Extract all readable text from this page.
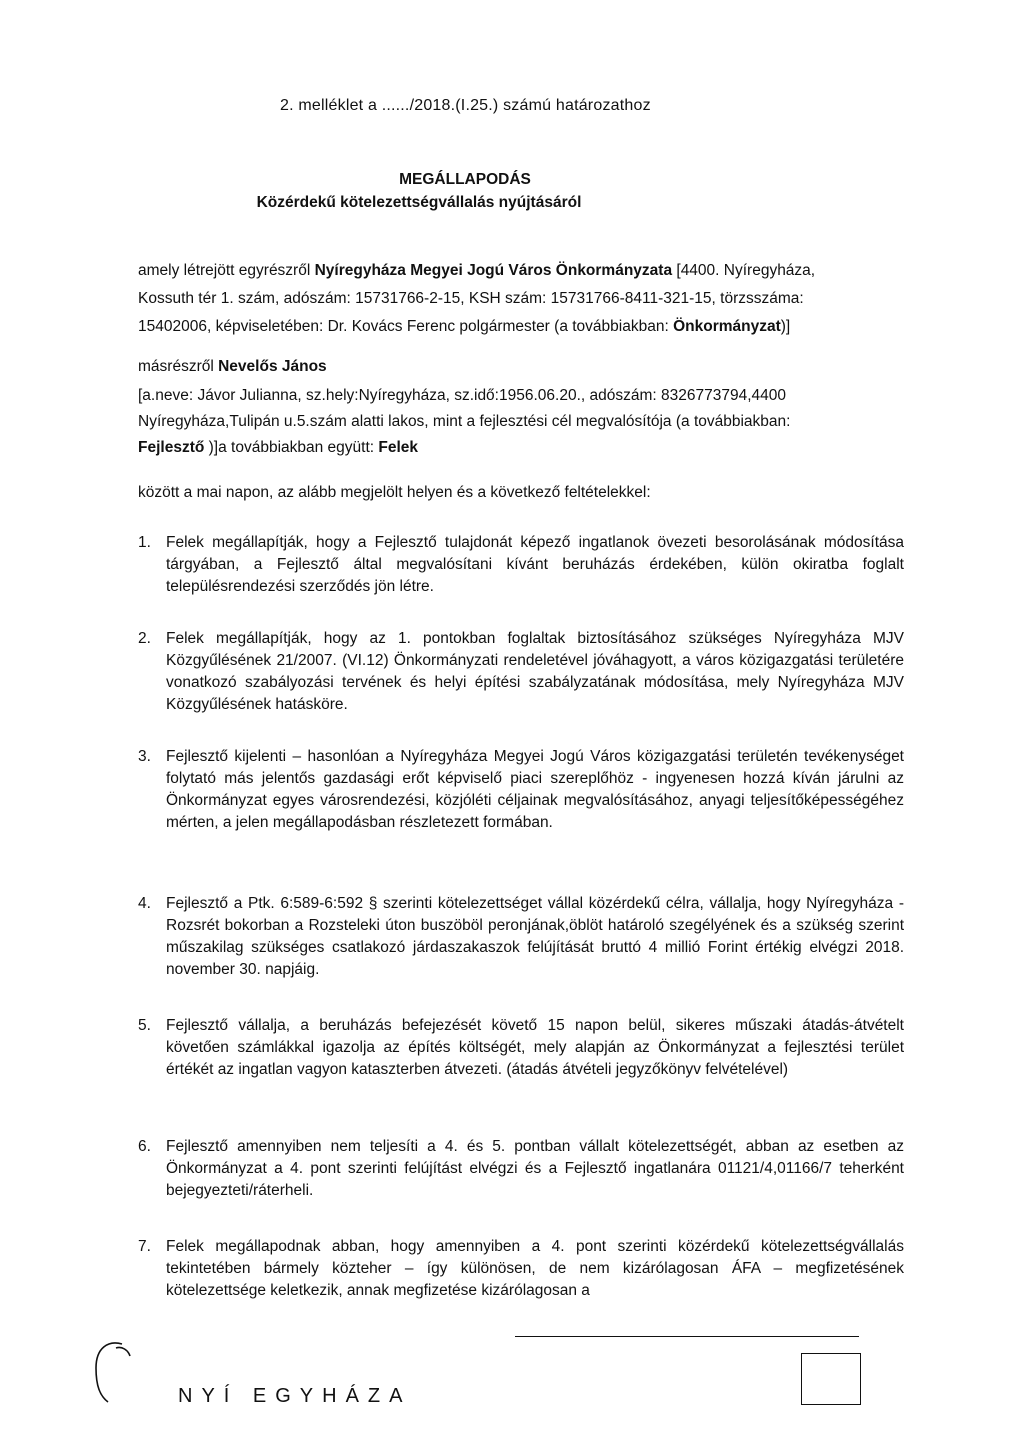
2. melléklet a ....../2018.(I.25.) számú határozathoz

MEGÁLLAPODÁS

Közérdekű kötelezettségvállalás nyújtásáról

amely létrejött egyrészről Nyíregyháza Megyei Jogú Város Önkormányzata [4400. Nyíregyháza,

Kossuth tér 1. szám, adószám: 15731766-2-15, KSH szám: 15731766-8411-321-15, törzsszáma:

15402006, képviseletében: Dr. Kovács Ferenc polgármester (a továbbiakban: Önkormányzat)]

másrészről Nevelős János

[a.neve: Jávor Julianna, sz.hely:Nyíregyháza, sz.idő:1956.06.20., adószám: 8326773794,4400

Nyíregyháza,Tulipán u.5.szám alatti lakos, mint a fejlesztési cél megvalósítója (a továbbiakban:

Fejlesztő )]a továbbiakban együtt: Felek

között a mai napon, az alább megjelölt helyen és a következő feltételekkel:

1. Felek megállapítják, hogy a Fejlesztő tulajdonát képező ingatlanok övezeti besorolásának módosítása tárgyában, a Fejlesztő által megvalósítani kívánt beruházás érdekében, külön okiratba foglalt településrendezési szerződés jön létre.

2. Felek megállapítják, hogy az 1. pontokban foglaltak biztosításához szükséges Nyíregyháza MJV Közgyűlésének 21/2007. (VI.12) Önkormányzati rendeletével jóváhagyott, a város közigazgatási területére vonatkozó szabályozási tervének és helyi építési szabályzatának módosítása, mely Nyíregyháza MJV Közgyűlésének hatásköre.

3. Fejlesztő kijelenti – hasonlóan a Nyíregyháza Megyei Jogú Város közigazgatási területén tevékenységet folytató más jelentős gazdasági erőt képviselő piaci szereplőhöz - ingyenesen hozzá kíván járulni az Önkormányzat egyes városrendezési, közjóléti céljainak megvalósításához, anyagi teljesítőképességéhez mérten, a jelen megállapodásban részletezett formában.

4. Fejlesztő a Ptk. 6:589-6:592 § szerinti kötelezettséget vállal közérdekű célra, vállalja, hogy Nyíregyháza - Rozsrét bokorban a Rozsteleki úton buszöböl peronjának,öblöt határoló szegélyének és a szükség szerint műszakilag szükséges csatlakozó járdaszakaszok felújítását bruttó 4 millió Forint értékig elvégzi 2018. november 30. napjáig.

5. Fejlesztő vállalja, a beruházás befejezését követő 15 napon belül, sikeres műszaki átadás-átvételt követően számlákkal igazolja az építés költségét, mely alapján az Önkormányzat a fejlesztési terület értékét az ingatlan vagyon kataszterben átvezeti. (átadás átvételi jegyzőkönyv felvételével)

6. Fejlesztő amennyiben nem teljesíti a 4. és 5. pontban vállalt kötelezettségét, abban az esetben az Önkormányzat a 4. pont szerinti felújítást elvégzi és a Fejlesztő ingatlanára 01121/4,01166/7 teherként bejegyezteti/ráterheli.

7. Felek megállapodnak abban, hogy amennyiben a 4. pont szerinti közérdekű kötelezettségvállalás tekintetében bármely közteher – így különösen, de nem kizárólagosan ÁFA – megfizetésének kötelezettsége keletkezik, annak megfizetése kizárólagosan a

NYÍ EGYHÁZA
